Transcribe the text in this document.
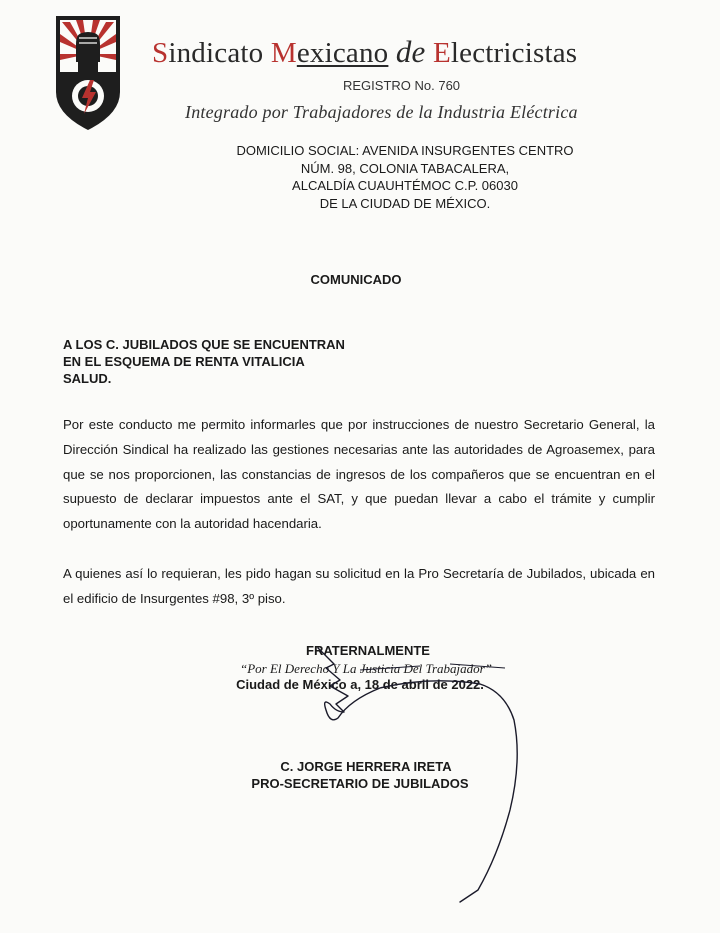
Sindicato Mexicano de Electricistas
REGISTRO No. 760
Integrado por Trabajadores de la Industria Eléctrica
DOMICILIO SOCIAL: AVENIDA INSURGENTES CENTRO
NÚM. 98, COLONIA TABACALERA,
ALCALDÍA CUAUHTÉMOC C.P. 06030
DE LA CIUDAD DE MÉXICO.
COMUNICADO
A LOS C. JUBILADOS QUE SE ENCUENTRAN
EN EL ESQUEMA DE RENTA VITALICIA
SALUD.
Por este conducto me permito informarles que por instrucciones de nuestro Secretario General, la Dirección Sindical ha realizado las gestiones necesarias ante las autoridades de Agroasemex, para que se nos proporcionen, las constancias de ingresos de los compañeros que se encuentran en el supuesto de declarar impuestos ante el SAT, y que puedan llevar a cabo el trámite y cumplir oportunamente con la autoridad hacendaria.
A quienes así lo requieran, les pido hagan su solicitud en la Pro Secretaría de Jubilados, ubicada en el edificio de Insurgentes #98, 3º piso.
FRATERNALMENTE
“Por El Derecho Y La Justicia Del Trabajador”
Ciudad de México a, 18 de abril de 2022.
C. JORGE HERRERA IRETA
PRO-SECRETARIO DE JUBILADOS
